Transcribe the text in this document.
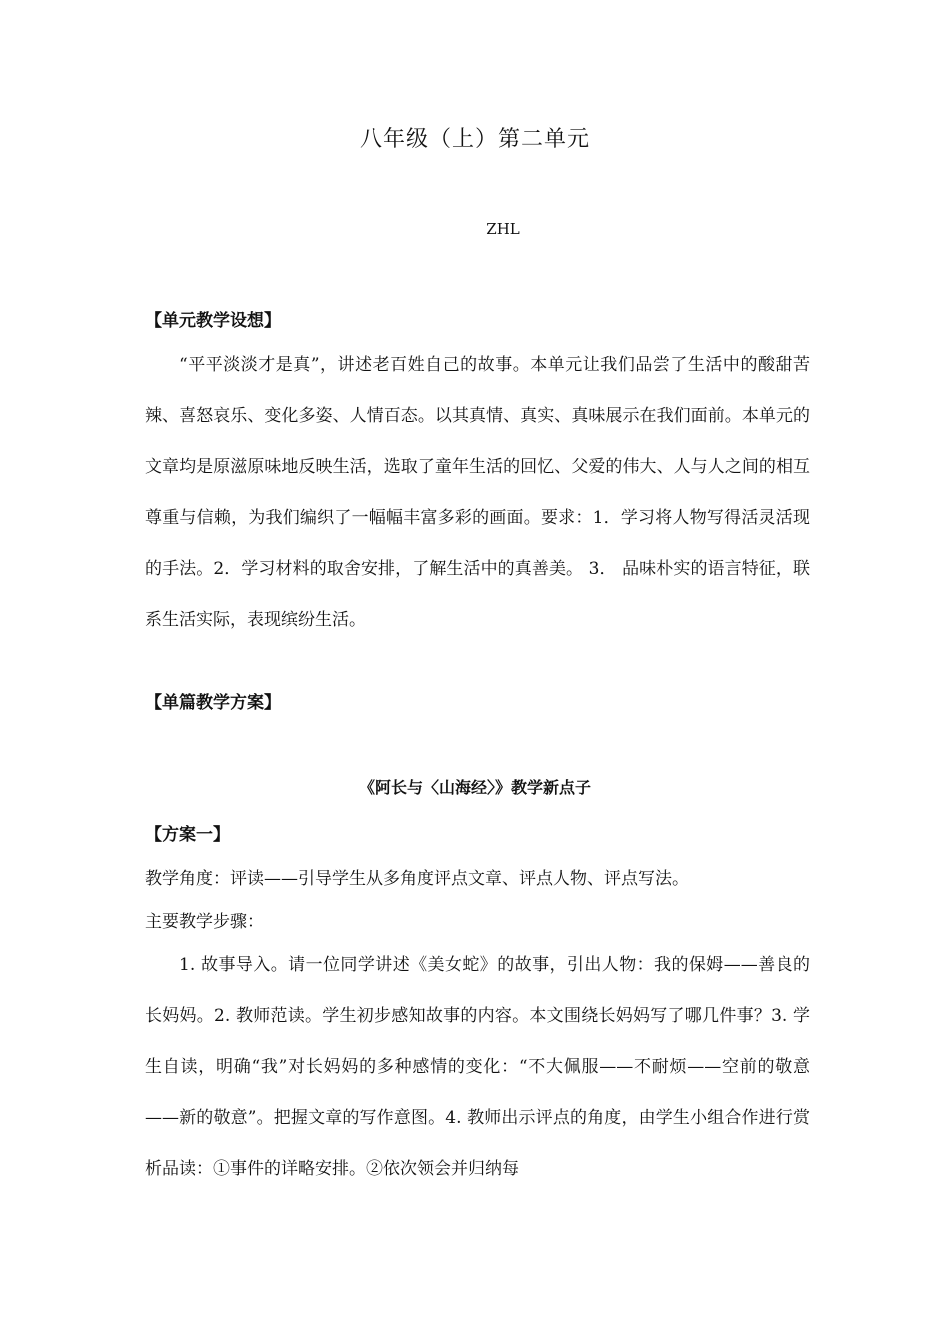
八年级（上）第二单元
ZHL
【单元教学设想】

“平平淡淡才是真”，讲述老百姓自己的故事。本单元让我们品尝了生活中的酸甜苦辣、喜怒哀乐、变化多姿、人情百态。以其真情、真实、真味展示在我们面前。本单元的文章均是原滋原味地反映生活，选取了童年生活的回忆、父爱的伟大、人与人之间的相互尊重与信赖，为我们编织了一幅幅丰富多彩的画面。要求：1．学习将人物写得活灵活现的手法。2．学习材料的取舍安排，了解生活中的真善美。 3． 品味朴实的语言特征，联系生活实际，表现缤纷生活。

【单篇教学方案】
《阿长与〈山海经〉》教学新点子
【方案一】

教学角度：评读——引导学生从多角度评点文章、评点人物、评点写法。

主要教学步骤：

1. 故事导入。请一位同学讲述《美女蛇》的故事，引出人物：我的保姆——善良的长妈妈。2. 教师范读。学生初步感知故事的内容。本文围绕长妈妈写了哪几件事？3. 学生自读，明确“我”对长妈妈的多种感情的变化：“不大佩服——不耐烦——空前的敬意——新的敬意”。把握文章的写作意图。4. 教师出示评点的角度，由学生小组合作进行赏析品读：①事件的详略安排。②依次领会并归纳每
